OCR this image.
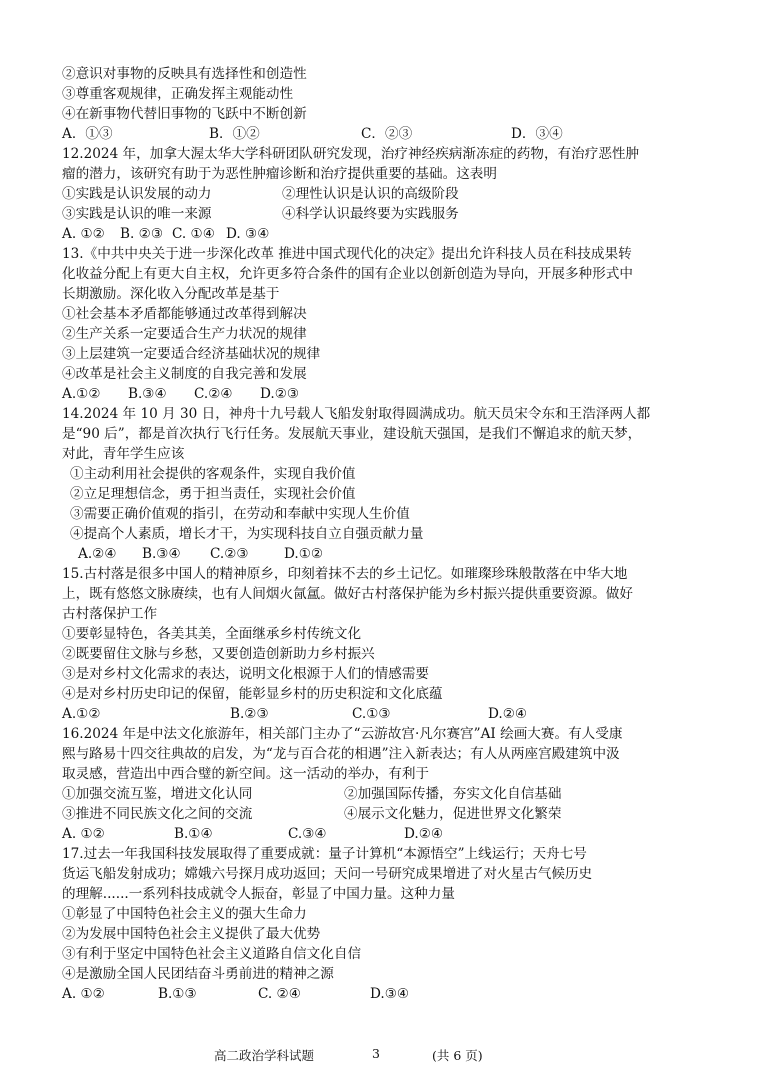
②意识对事物的反映具有选择性和创造性
③尊重客观规律，正确发挥主观能动性
④在新事物代替旧事物的飞跃中不断创新
A．①③	B．①②	C．②③	D．③④
12.2024 年，加拿大渥太华大学科研团队研究发现，治疗神经疾病渐冻症的药物，有治疗恶性肿
瘤的潜力，该研究有助于为恶性肿瘤诊断和治疗提供重要的基础。这表明
①实践是认识发展的动力	②理性认识是认识的高级阶段
③实践是认识的唯一来源	④科学认识最终要为实践服务
A. ①②	B. ②③ C. ①④ D. ③④
13.《中共中央关于进一步深化改革 推进中国式现代化的决定》提出允许科技人员在科技成果转
化收益分配上有更大自主权，允许更多符合条件的国有企业以创新创造为导向，开展多种形式中
长期激励。深化收入分配改革是基于
①社会基本矛盾都能够通过改革得到解决
②生产关系一定要适合生产力状况的规律
③上层建筑一定要适合经济基础状况的规律
④改革是社会主义制度的自我完善和发展
A.①②	B.③④	C.②④	D.②③
14.2024 年 10 月 30 日，神舟十九号载人飞船发射取得圆满成功。航天员宋令东和王浩泽两人都
是“90 后”，都是首次执行飞行任务。发展航天事业，建设航天强国，是我们不懈追求的航天梦，
对此，青年学生应该
①主动利用社会提供的客观条件，实现自我价值
②立足理想信念，勇于担当责任，实现社会价值
③需要正确价值观的指引，在劳动和奉献中实现人生价值
④提高个人素质，增长才干，为实现科技自立自强贡献力量
A.②④	B.③④	C.②③	D.①②
15.古村落是很多中国人的精神原乡，印刻着抹不去的乡土记忆。如璀璨珍珠般散落在中华大地
上，既有悠悠文脉赓续，也有人间烟火氤氲。做好古村落保护能为乡村振兴提供重要资源。做好
古村落保护工作
①要彰显特色，各美其美，全面继承乡村传统文化
②既要留住文脉与乡愁，又要创造创新助力乡村振兴
③是对乡村文化需求的表达，说明文化根源于人们的情感需要
④是对乡村历史印记的保留，能彰显乡村的历史积淀和文化底蕴
A.①②	B.②③	C.①③	D.②④
16.2024 年是中法文化旅游年，相关部门主办了“云游故宫·凡尔赛宫”AI 绘画大赛。有人受康
熙与路易十四交往典故的启发，为“龙与百合花的相遇”注入新表达；有人从两座宫殿建筑中汲
取灵感，营造出中西合璧的新空间。这一活动的举办，有利于
①加强交流互鉴，增进文化认同	②加强国际传播，夯实文化自信基础
③推进不同民族文化之间的交流	④展示文化魅力，促进世界文化繁荣
A. ①②	B.①④	C.③④	D.②④
17.过去一年我国科技发展取得了重要成就：量子计算机“本源悟空”上线运行；天舟七号
货运飞船发射成功；嫦娥六号探月成功返回；天问一号研究成果增进了对火星古气候历史
的理解......一系列科技成就令人振奋，彰显了中国力量。这种力量
①彰显了中国特色社会主义的强大生命力
②为发展中国特色社会主义提供了最大优势
③有利于坚定中国特色社会主义道路自信文化自信
④是激励全国人民团结奋斗勇前进的精神之源
A. ①②	B.①③	C. ②④	D.③④
高二政治学科试题	3	(共 6 页)
